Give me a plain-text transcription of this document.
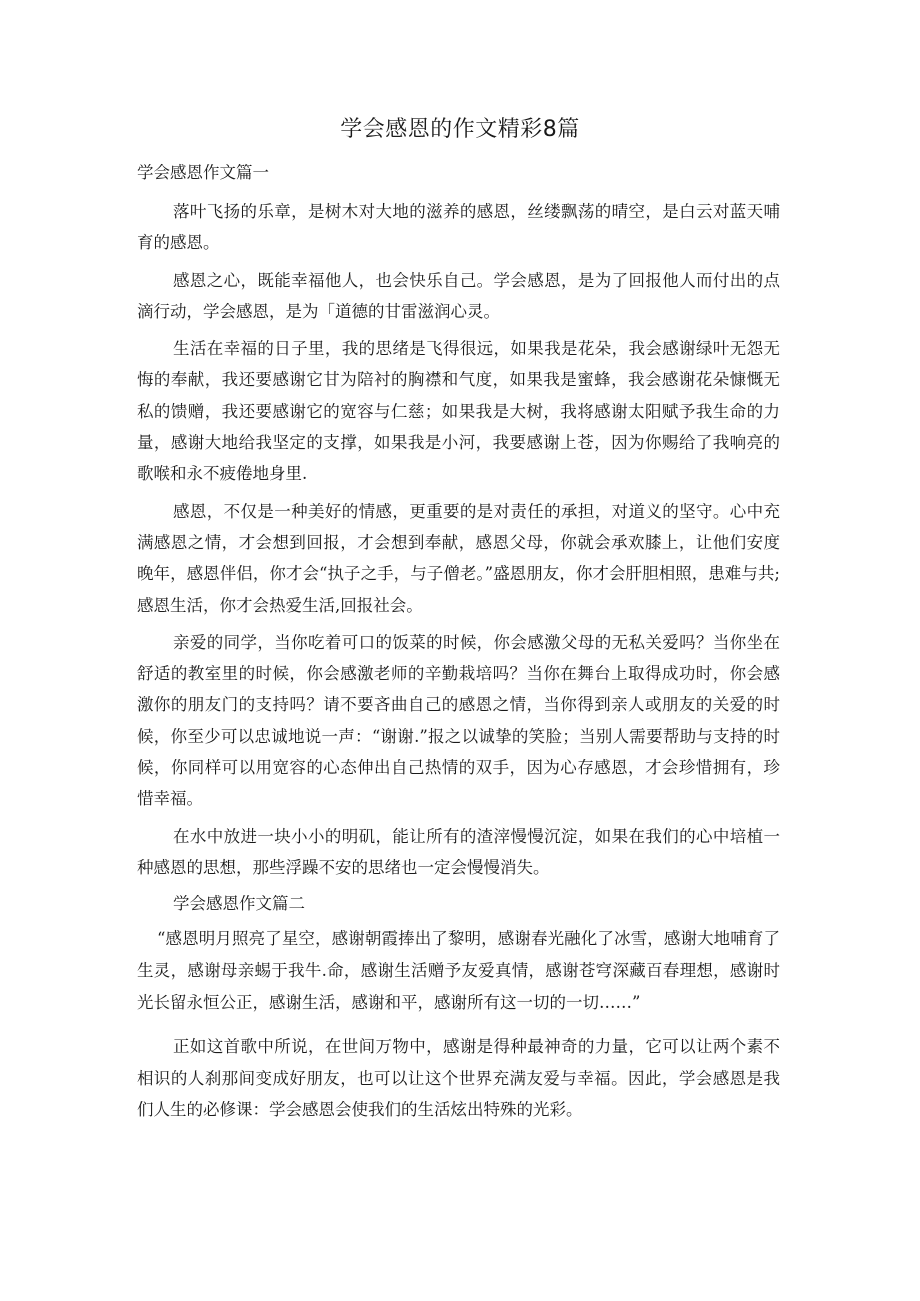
学会感恩的作文精彩8篇

学会感恩作文篇一

落叶飞扬的乐章，是树木对大地的滋养的感恩，丝缕飘荡的晴空，是白云对蓝天哺育的感恩。

感恩之心，既能幸福他人，也会快乐自己。学会感恩，是为了回报他人而付出的点滴行动，学会感恩，是为「道德的甘雷滋润心灵。

生活在幸福的日子里，我的思绪是飞得很远，如果我是花朵，我会感谢绿叶无怨无悔的奉献，我还要感谢它甘为陪衬的胸襟和气度，如果我是蜜蜂，我会感谢花朵慷慨无私的馈赠，我还要感谢它的宽容与仁慈；如果我是大树，我将感谢太阳赋予我生命的力量，感谢大地给我坚定的支撑，如果我是小河，我要感谢上苍，因为你赐给了我响亮的歌喉和永不疲倦地身里.

感恩，不仅是一种美好的情感，更重要的是对责任的承担，对道义的坚守。心中充满感恩之情，才会想到回报，才会想到奉献，感恩父母，你就会承欢膝上，让他们安度晚年，感恩伴侣，你才会“执子之手，与子僧老。”盛恩朋友，你才会肝胆相照，患难与共;感恩生活，你才会热爱生活,回报社会。

亲爱的同学，当你吃着可口的饭菜的时候，你会感激父母的无私关爱吗？当你坐在舒适的教室里的时候，你会感激老师的辛勤栽培吗？当你在舞台上取得成功时，你会感激你的朋友门的支持吗？请不要吝曲自己的感恩之情，当你得到亲人或朋友的关爱的时候，你至少可以忠诚地说一声：“谢谢.”报之以诚挚的笑脸；当别人需要帮助与支持的时候，你同样可以用宽容的心态伸出自己热情的双手，因为心存感恩，才会珍惜拥有，珍惜幸福。

在水中放进一块小小的明矶，能让所有的渣滓慢慢沉淀，如果在我们的心中培植一种感恩的思想，那些浮躁不安的思绪也一定会慢慢消失。

学会感恩作文篇二

“感恩明月照亮了星空，感谢朝霞捧出了黎明，感谢春光融化了冰雪，感谢大地哺育了生灵，感谢母亲蜴于我牛.命，感谢生活赠予友爱真情，感谢苍穹深藏百春理想，感谢时光长留永恒公正，感谢生活，感谢和平，感谢所有这一切的一切……”

正如这首歌中所说，在世间万物中，感谢是得种最神奇的力量，它可以让两个素不相识的人刹那间变成好朋友，也可以让这个世界充满友爱与幸福。因此，学会感恩是我们人生的必修课：学会感恩会使我们的生活炫出特殊的光彩。
